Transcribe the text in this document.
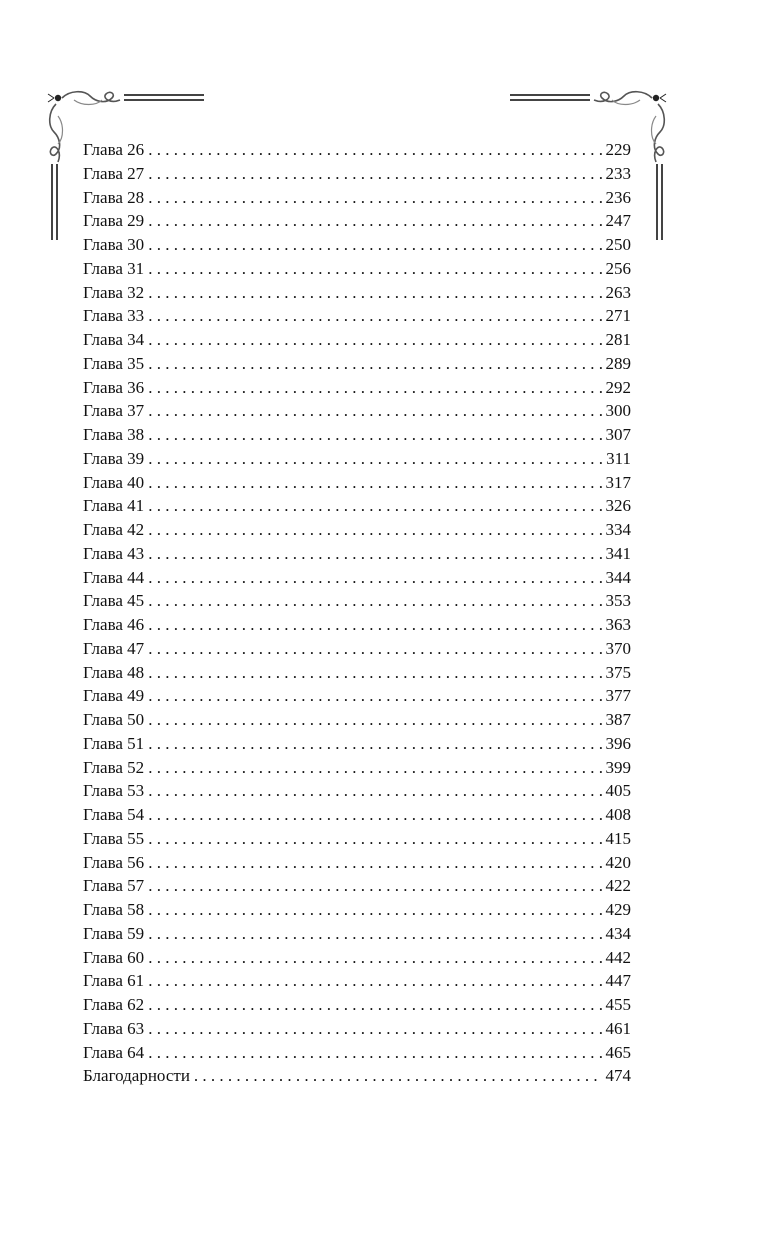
Глава 26 . . .	229
Глава 27 . . .	233
Глава 28 . . .	236
Глава 29 . . .	247
Глава 30 . . .	250
Глава 31 . . .	256
Глава 32 . . .	263
Глава 33 . . .	271
Глава 34 . . .	281
Глава 35 . . .	289
Глава 36 . . .	292
Глава 37 . . .	300
Глава 38 . . .	307
Глава 39 . . .	311
Глава 40 . . .	317
Глава 41 . . .	326
Глава 42 . . .	334
Глава 43 . . .	341
Глава 44 . . .	344
Глава 45 . . .	353
Глава 46 . . .	363
Глава 47 . . .	370
Глава 48 . . .	375
Глава 49 . . .	377
Глава 50 . . .	387
Глава 51 . . .	396
Глава 52 . . .	399
Глава 53 . . .	405
Глава 54 . . .	408
Глава 55 . . .	415
Глава 56 . . .	420
Глава 57 . . .	422
Глава 58 . . .	429
Глава 59 . . .	434
Глава 60 . . .	442
Глава 61 . . .	447
Глава 62 . . .	455
Глава 63 . . .	461
Глава 64 . . .	465
Благодарности . . .	474
